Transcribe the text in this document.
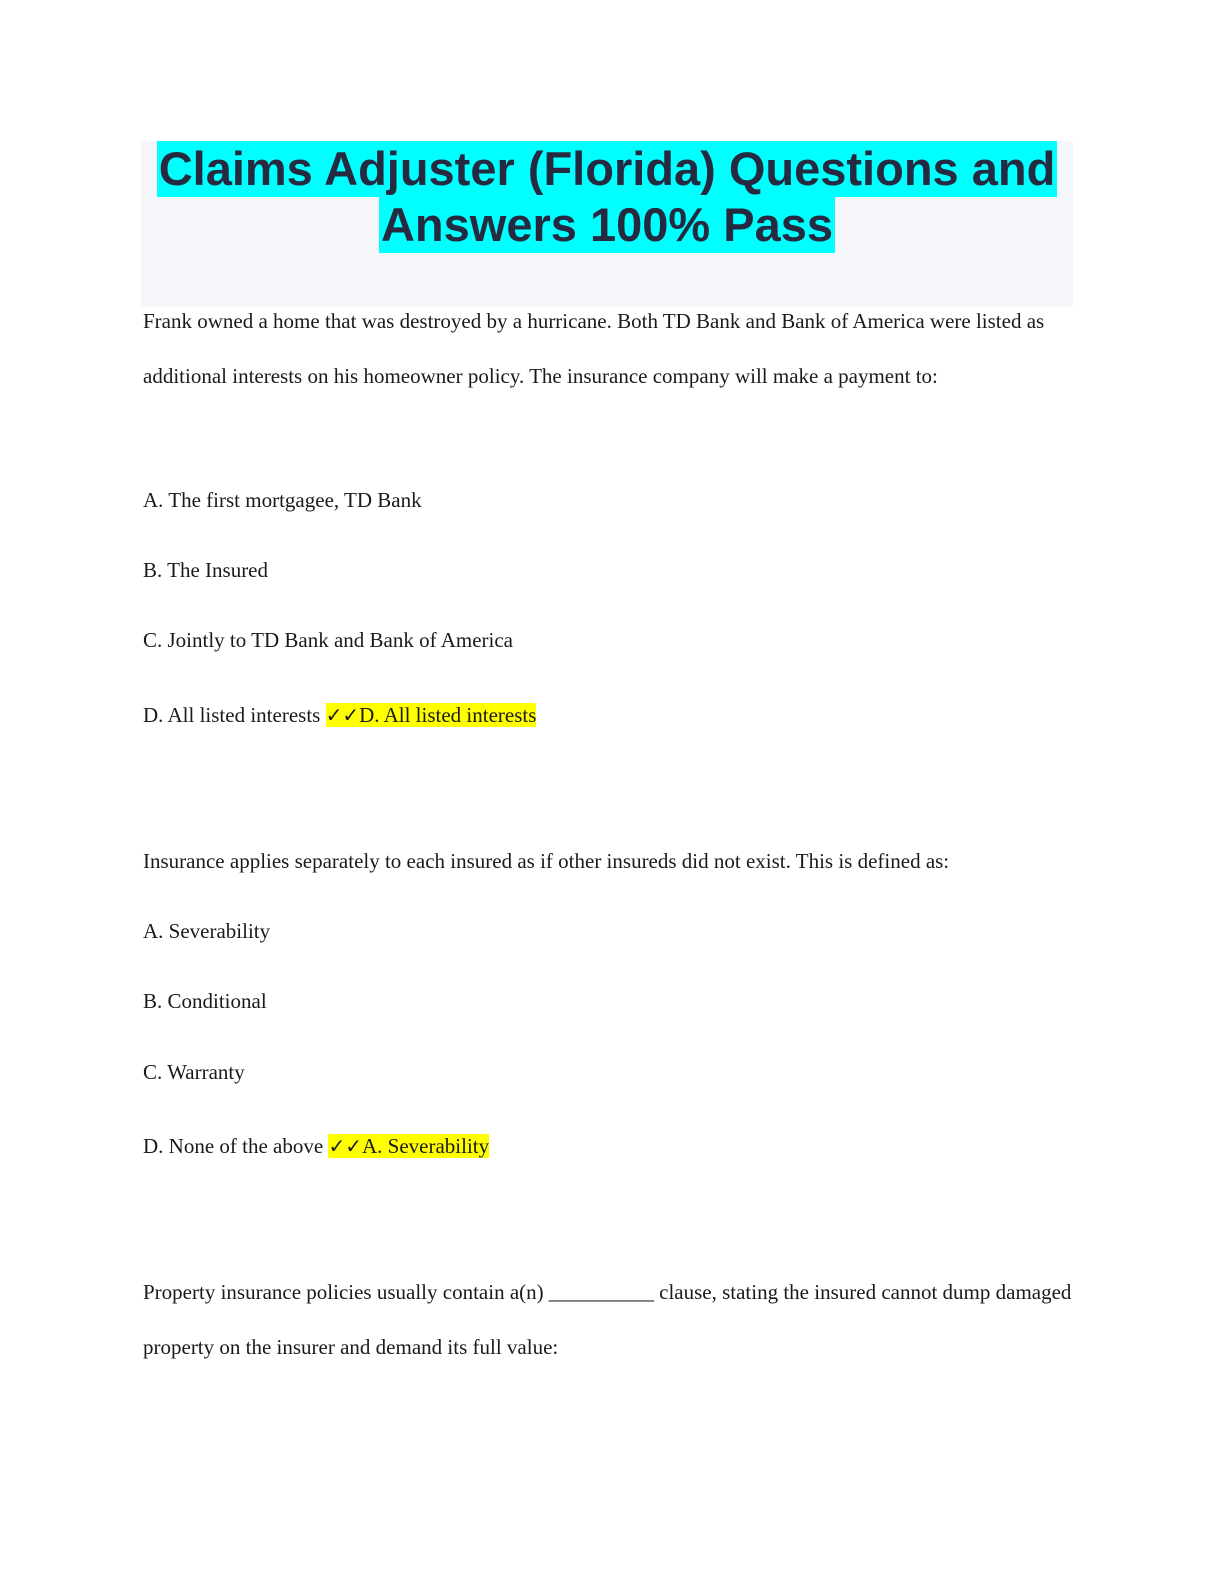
Claims Adjuster (Florida) Questions and
Answers 100% Pass

Frank owned a home that was destroyed by a hurricane. Both TD Bank and Bank of America were listed as additional interests on his homeowner policy. The insurance company will make a payment to:

A. The first mortgagee, TD Bank

B. The Insured

C. Jointly to TD Bank and Bank of America

D. All listed interests ✓✓D. All listed interests

Insurance applies separately to each insured as if other insureds did not exist. This is defined as:

A. Severability

B. Conditional

C. Warranty

D. None of the above ✓✓A. Severability

Property insurance policies usually contain a(n) __________ clause, stating the insured cannot dump damaged property on the insurer and demand its full value:
